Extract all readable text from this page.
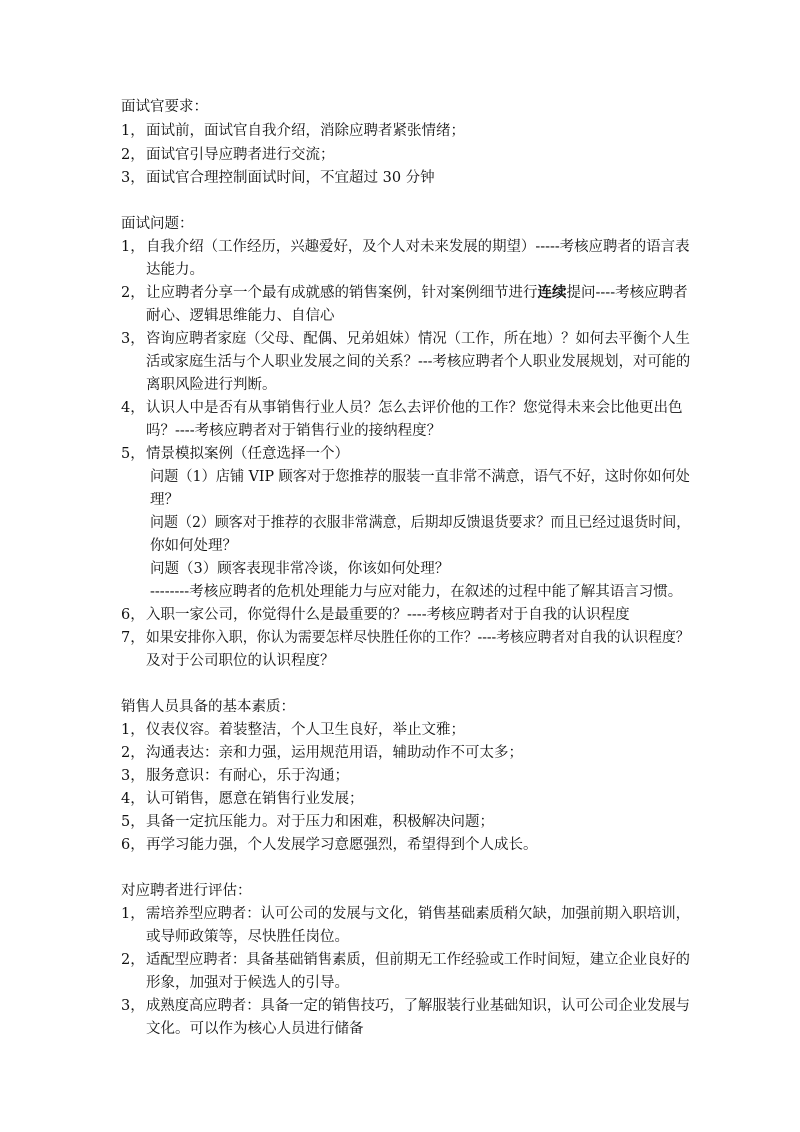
面试官要求：
1， 面试前，面试官自我介绍，消除应聘者紧张情绪；
2， 面试官引导应聘者进行交流；
3， 面试官合理控制面试时间，不宜超过 30 分钟
面试问题：
1， 自我介绍（工作经历，兴趣爱好，及个人对未来发展的期望）-----考核应聘者的语言表
达能力。
2， 让应聘者分享一个最有成就感的销售案例，针对案例细节进行连续提问----考核应聘者
耐心、逻辑思维能力、自信心
3， 咨询应聘者家庭（父母、配偶、兄弟姐妹）情况（工作，所在地）？如何去平衡个人生
活或家庭生活与个人职业发展之间的关系？---考核应聘者个人职业发展规划，对可能的
离职风险进行判断。
4， 认识人中是否有从事销售行业人员？怎么去评价他的工作？您觉得未来会比他更出色
吗？----考核应聘者对于销售行业的接纳程度？
5， 情景模拟案例（任意选择一个）
问题（1）店铺 VIP 顾客对于您推荐的服装一直非常不满意，语气不好，这时你如何处
理？
问题（2）顾客对于推荐的衣服非常满意，后期却反馈退货要求？而且已经过退货时间，
你如何处理？
问题（3）顾客表现非常冷谈，你该如何处理？
--------考核应聘者的危机处理能力与应对能力，在叙述的过程中能了解其语言习惯。
6， 入职一家公司，你觉得什么是最重要的？----考核应聘者对于自我的认识程度
7， 如果安排你入职，你认为需要怎样尽快胜任你的工作？----考核应聘者对自我的认识程度？
及对于公司职位的认识程度？
销售人员具备的基本素质：
1， 仪表仪容。着装整洁，个人卫生良好，举止文雅；
2， 沟通表达：亲和力强，运用规范用语，辅助动作不可太多；
3， 服务意识：有耐心，乐于沟通；
4， 认可销售，愿意在销售行业发展；
5， 具备一定抗压能力。对于压力和困难，积极解决问题；
6， 再学习能力强，个人发展学习意愿强烈，希望得到个人成长。
对应聘者进行评估：
1， 需培养型应聘者：认可公司的发展与文化，销售基础素质稍欠缺，加强前期入职培训，
或导师政策等，尽快胜任岗位。
2， 适配型应聘者：具备基础销售素质，但前期无工作经验或工作时间短，建立企业良好的
形象，加强对于候选人的引导。
3， 成熟度高应聘者：具备一定的销售技巧，了解服装行业基础知识，认可公司企业发展与
文化。可以作为核心人员进行储备
